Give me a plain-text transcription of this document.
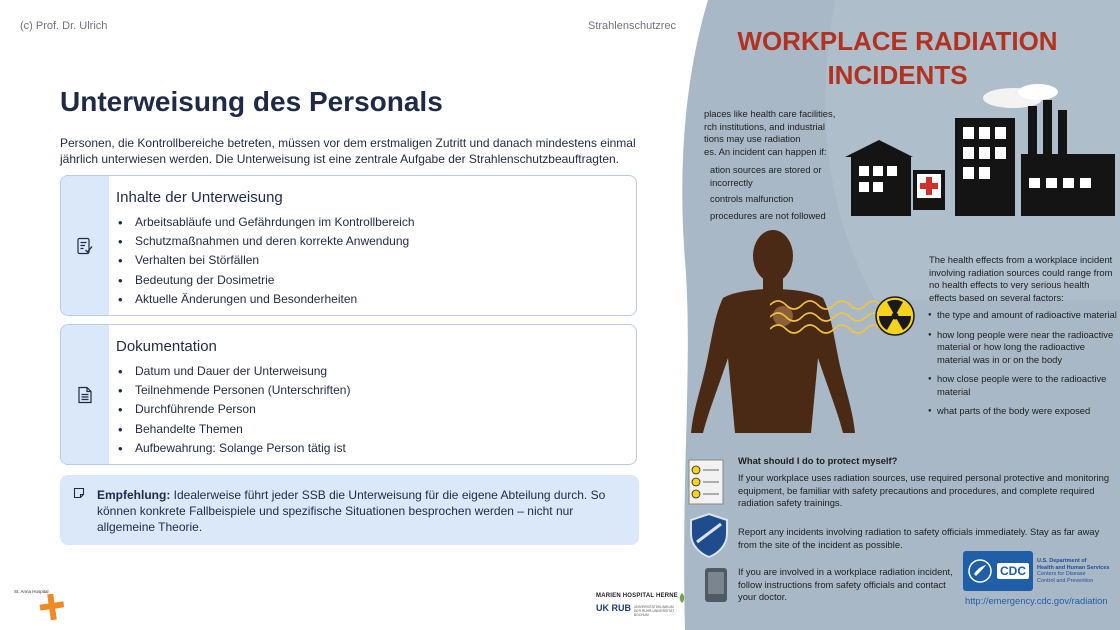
(c) Prof. Dr. Ulrich	Strahlenschutzrec
Unterweisung des Personals
Personen, die Kontrollbereiche betreten, müssen vor dem erstmaligen Zutritt und danach mindestens einmal jährlich unterwiesen werden. Die Unterweisung ist eine zentrale Aufgabe der Strahlenschutzbeauftragten.
Inhalte der Unterweisung
• Arbeitsabläufe und Gefährdungen im Kontrollbereich
• Schutzmaßnahmen und deren korrekte Anwendung
• Verhalten bei Störfällen
• Bedeutung der Dosimetrie
• Aktuelle Änderungen und Besonderheiten
Dokumentation
• Datum und Dauer der Unterweisung
• Teilnehmende Personen (Unterschriften)
• Durchführende Person
• Behandelte Themen
• Aufbewahrung: Solange Person tätig ist
Empfehlung: Idealerweise führt jeder SSB die Unterweisung für die eigene Abteilung durch. So können konkrete Fallbeispiele und spezifische Situationen besprochen werden – nicht nur allgemeine Theorie.
St. Anna Hospital
MARIEN HOSPITAL HERNE
UK RUB UNIVERSITÄTSKLINIKUM DER RUHR-UNIVERSITÄT BOCHUM
WORKPLACE RADIATION
INCIDENTS
places like health care facilities,
rch institutions, and industrial
tions may use radiation
es. An incident can happen if:
ation sources are stored or
incorrectly
controls malfunction
procedures are not followed
The health effects from a workplace incident involving radiation sources could range from no health effects to very serious health effects based on several factors:
● the type and amount of radioactive material
● how long people were near the radioactive material or how long the radioactive material was in or on the body
● how close people were to the radioactive material
● what parts of the body were exposed
What should I do to protect myself?
If your workplace uses radiation sources, use required personal protective and monitoring equipment, be familiar with safety precautions and procedures, and complete required radiation safety trainings.
Report any incidents involving radiation to safety officials immediately. Stay as far away from the site of the incident as possible.
If you are involved in a workplace radiation incident, follow instructions from safety officials and contact your doctor.
CDC
U.S. Department of
Health and Human Services
Centers for Disease
Control and Prevention
http://emergency.cdc.gov/radiation
